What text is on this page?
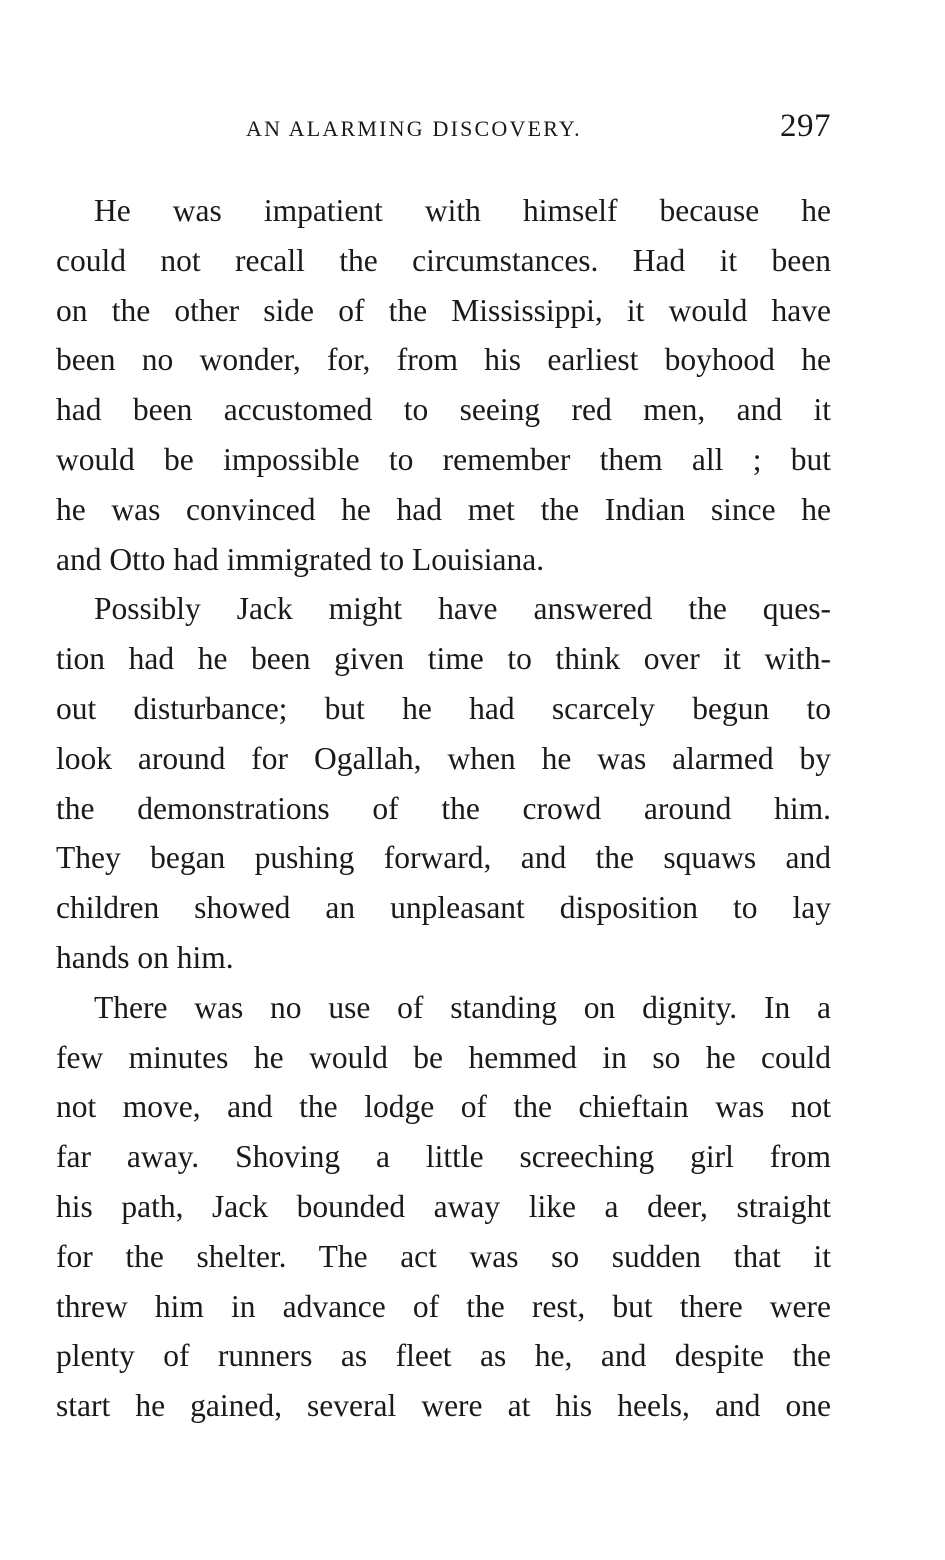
AN ALARMING DISCOVERY.	297

He was impatient with himself because he
could not recall the circumstances. Had it been
on the other side of the Mississippi, it would have
been no wonder, for, from his earliest boyhood he
had been accustomed to seeing red men, and it
would be impossible to remember them all ; but
he was convinced he had met the Indian since he
and Otto had immigrated to Louisiana.

Possibly Jack might have answered the ques-
tion had he been given time to think over it with-
out disturbance; but he had scarcely begun to
look around for Ogallah, when he was alarmed by
the demonstrations of the crowd around him.
They began pushing forward, and the squaws and
children showed an unpleasant disposition to lay
hands on him.

There was no use of standing on dignity. In a
few minutes he would be hemmed in so he could
not move, and the lodge of the chieftain was not
far away. Shoving a little screeching girl from
his path, Jack bounded away like a deer, straight
for the shelter. The act was so sudden that it
threw him in advance of the rest, but there were
plenty of runners as fleet as he, and despite the
start he gained, several were at his heels, and one
